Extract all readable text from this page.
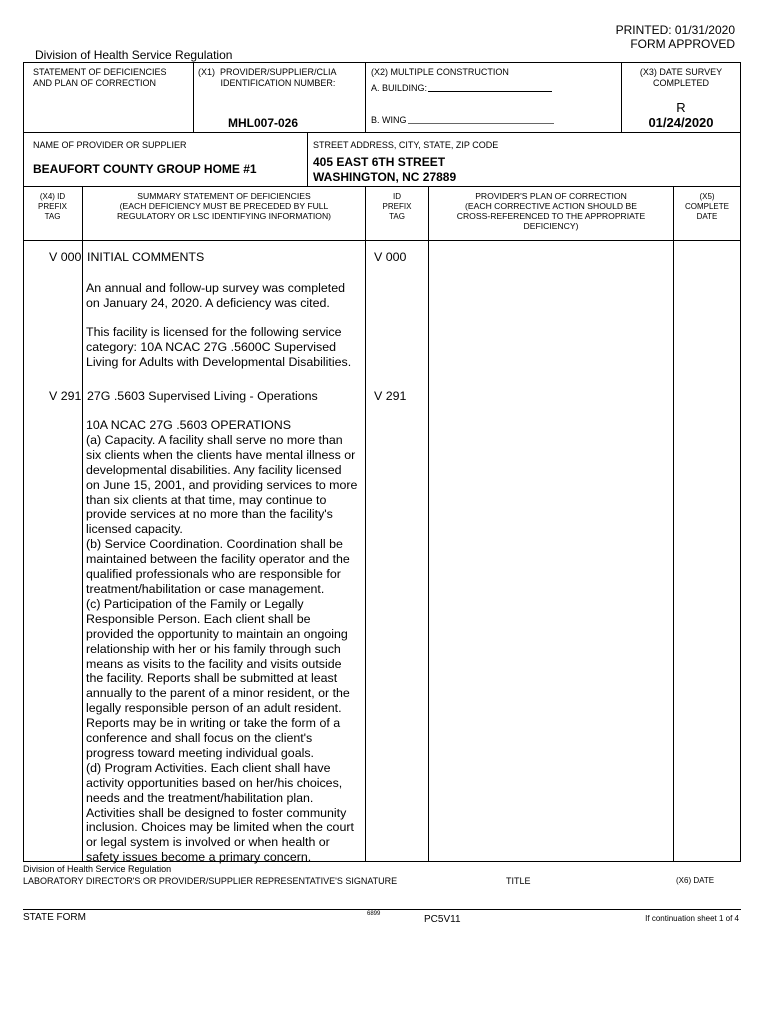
PRINTED: 01/31/2020
FORM APPROVED
Division of Health Service Regulation
STATEMENT OF DEFICIENCIES
AND PLAN OF CORRECTION
(X1)  PROVIDER/SUPPLIER/CLIA
IDENTIFICATION NUMBER:
MHL007-026
(X2) MULTIPLE CONSTRUCTION
A. BUILDING:
B. WING
(X3) DATE SURVEY
COMPLETED
R
01/24/2020
NAME OF PROVIDER OR SUPPLIER
BEAUFORT COUNTY GROUP HOME #1
STREET ADDRESS, CITY, STATE, ZIP CODE
405 EAST 6TH STREET
WASHINGTON, NC 27889
(X4) ID
PREFIX
TAG
SUMMARY STATEMENT OF DEFICIENCIES
(EACH DEFICIENCY MUST BE PRECEDED BY FULL
REGULATORY OR LSC IDENTIFYING INFORMATION)
ID
PREFIX
TAG
PROVIDER'S PLAN OF CORRECTION
(EACH CORRECTIVE ACTION SHOULD BE
CROSS-REFERENCED TO THE APPROPRIATE
DEFICIENCY)
(X5)
COMPLETE
DATE
V 000 INITIAL COMMENTS	V 000
An annual and follow-up survey was completed
on January 24, 2020. A deficiency was cited.
This facility is licensed for the following service
category: 10A NCAC 27G .5600C Supervised
Living for Adults with Developmental Disabilities.
V 291 27G .5603 Supervised Living - Operations	V 291
10A NCAC 27G .5603 OPERATIONS
(a) Capacity. A facility shall serve no more than
six clients when the clients have mental illness or
developmental disabilities. Any facility licensed
on June 15, 2001, and providing services to more
than six clients at that time, may continue to
provide services at no more than the facility's
licensed capacity.
(b) Service Coordination. Coordination shall be
maintained between the facility operator and the
qualified professionals who are responsible for
treatment/habilitation or case management.
(c) Participation of the Family or Legally
Responsible Person. Each client shall be
provided the opportunity to maintain an ongoing
relationship with her or his family through such
means as visits to the facility and visits outside
the facility. Reports shall be submitted at least
annually to the parent of a minor resident, or the
legally responsible person of an adult resident.
Reports may be in writing or take the form of a
conference and shall focus on the client's
progress toward meeting individual goals.
(d) Program Activities. Each client shall have
activity opportunities based on her/his choices,
needs and the treatment/habilitation plan.
Activities shall be designed to foster community
inclusion. Choices may be limited when the court
or legal system is involved or when health or
safety issues become a primary concern.
Division of Health Service Regulation
LABORATORY DIRECTOR'S OR PROVIDER/SUPPLIER REPRESENTATIVE'S SIGNATURE	TITLE	(X6) DATE
STATE FORM	6899	PC5V11	If continuation sheet 1 of 4
